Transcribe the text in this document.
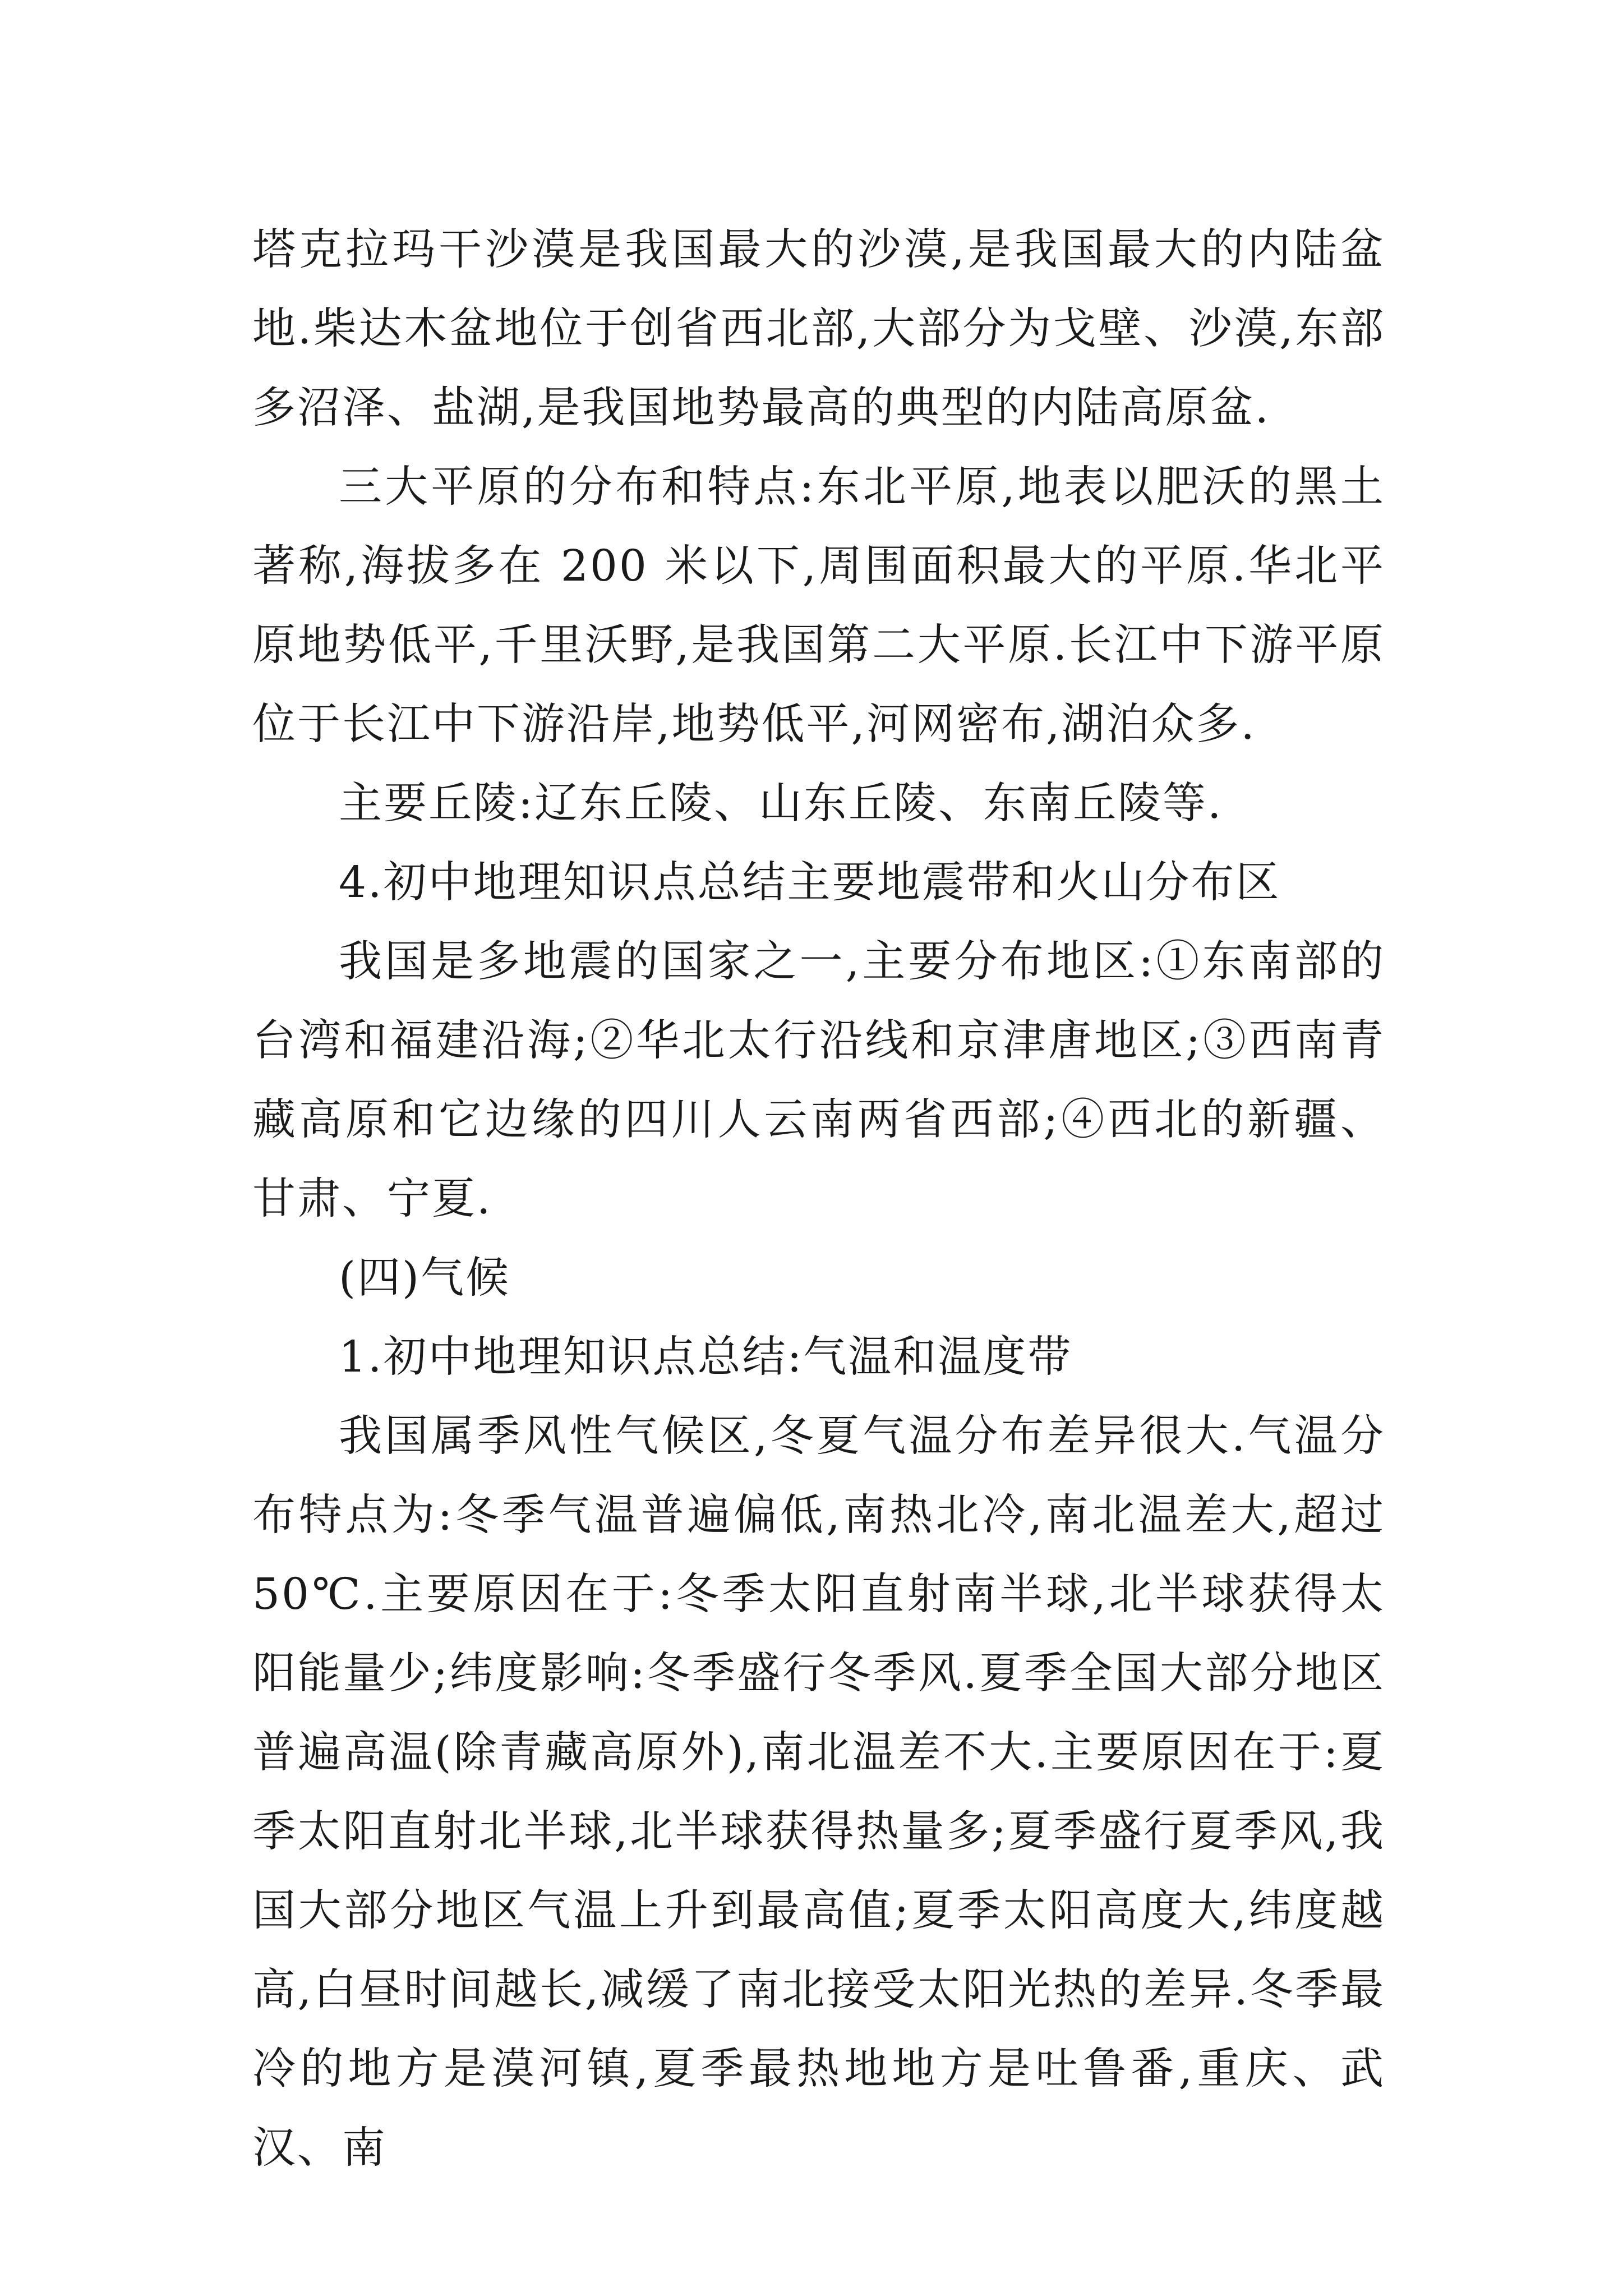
塔克拉玛干沙漠是我国最大的沙漠,是我国最大的内陆盆地.柴达木盆地位于创省西北部,大部分为戈壁、沙漠,东部多沼泽、盐湖,是我国地势最高的典型的内陆高原盆.

三大平原的分布和特点:东北平原,地表以肥沃的黑土著称,海拔多在 200 米以下,周围面积最大的平原.华北平原地势低平,千里沃野,是我国第二大平原.长江中下游平原位于长江中下游沿岸,地势低平,河网密布,湖泊众多.

主要丘陵:辽东丘陵、山东丘陵、东南丘陵等.

4.初中地理知识点总结主要地震带和火山分布区

我国是多地震的国家之一,主要分布地区:①东南部的台湾和福建沿海;②华北太行沿线和京津唐地区;③西南青藏高原和它边缘的四川人云南两省西部;④西北的新疆、甘肃、宁夏.

(四)气候

1.初中地理知识点总结:气温和温度带

我国属季风性气候区,冬夏气温分布差异很大.气温分布特点为:冬季气温普遍偏低,南热北冷,南北温差大,超过50℃.主要原因在于:冬季太阳直射南半球,北半球获得太阳能量少;纬度影响:冬季盛行冬季风.夏季全国大部分地区普遍高温(除青藏高原外),南北温差不大.主要原因在于:夏季太阳直射北半球,北半球获得热量多;夏季盛行夏季风,我国大部分地区气温上升到最高值;夏季太阳高度大,纬度越高,白昼时间越长,减缓了南北接受太阳光热的差异.冬季最冷的地方是漠河镇,夏季最热地地方是吐鲁番,重庆、武汉、南
